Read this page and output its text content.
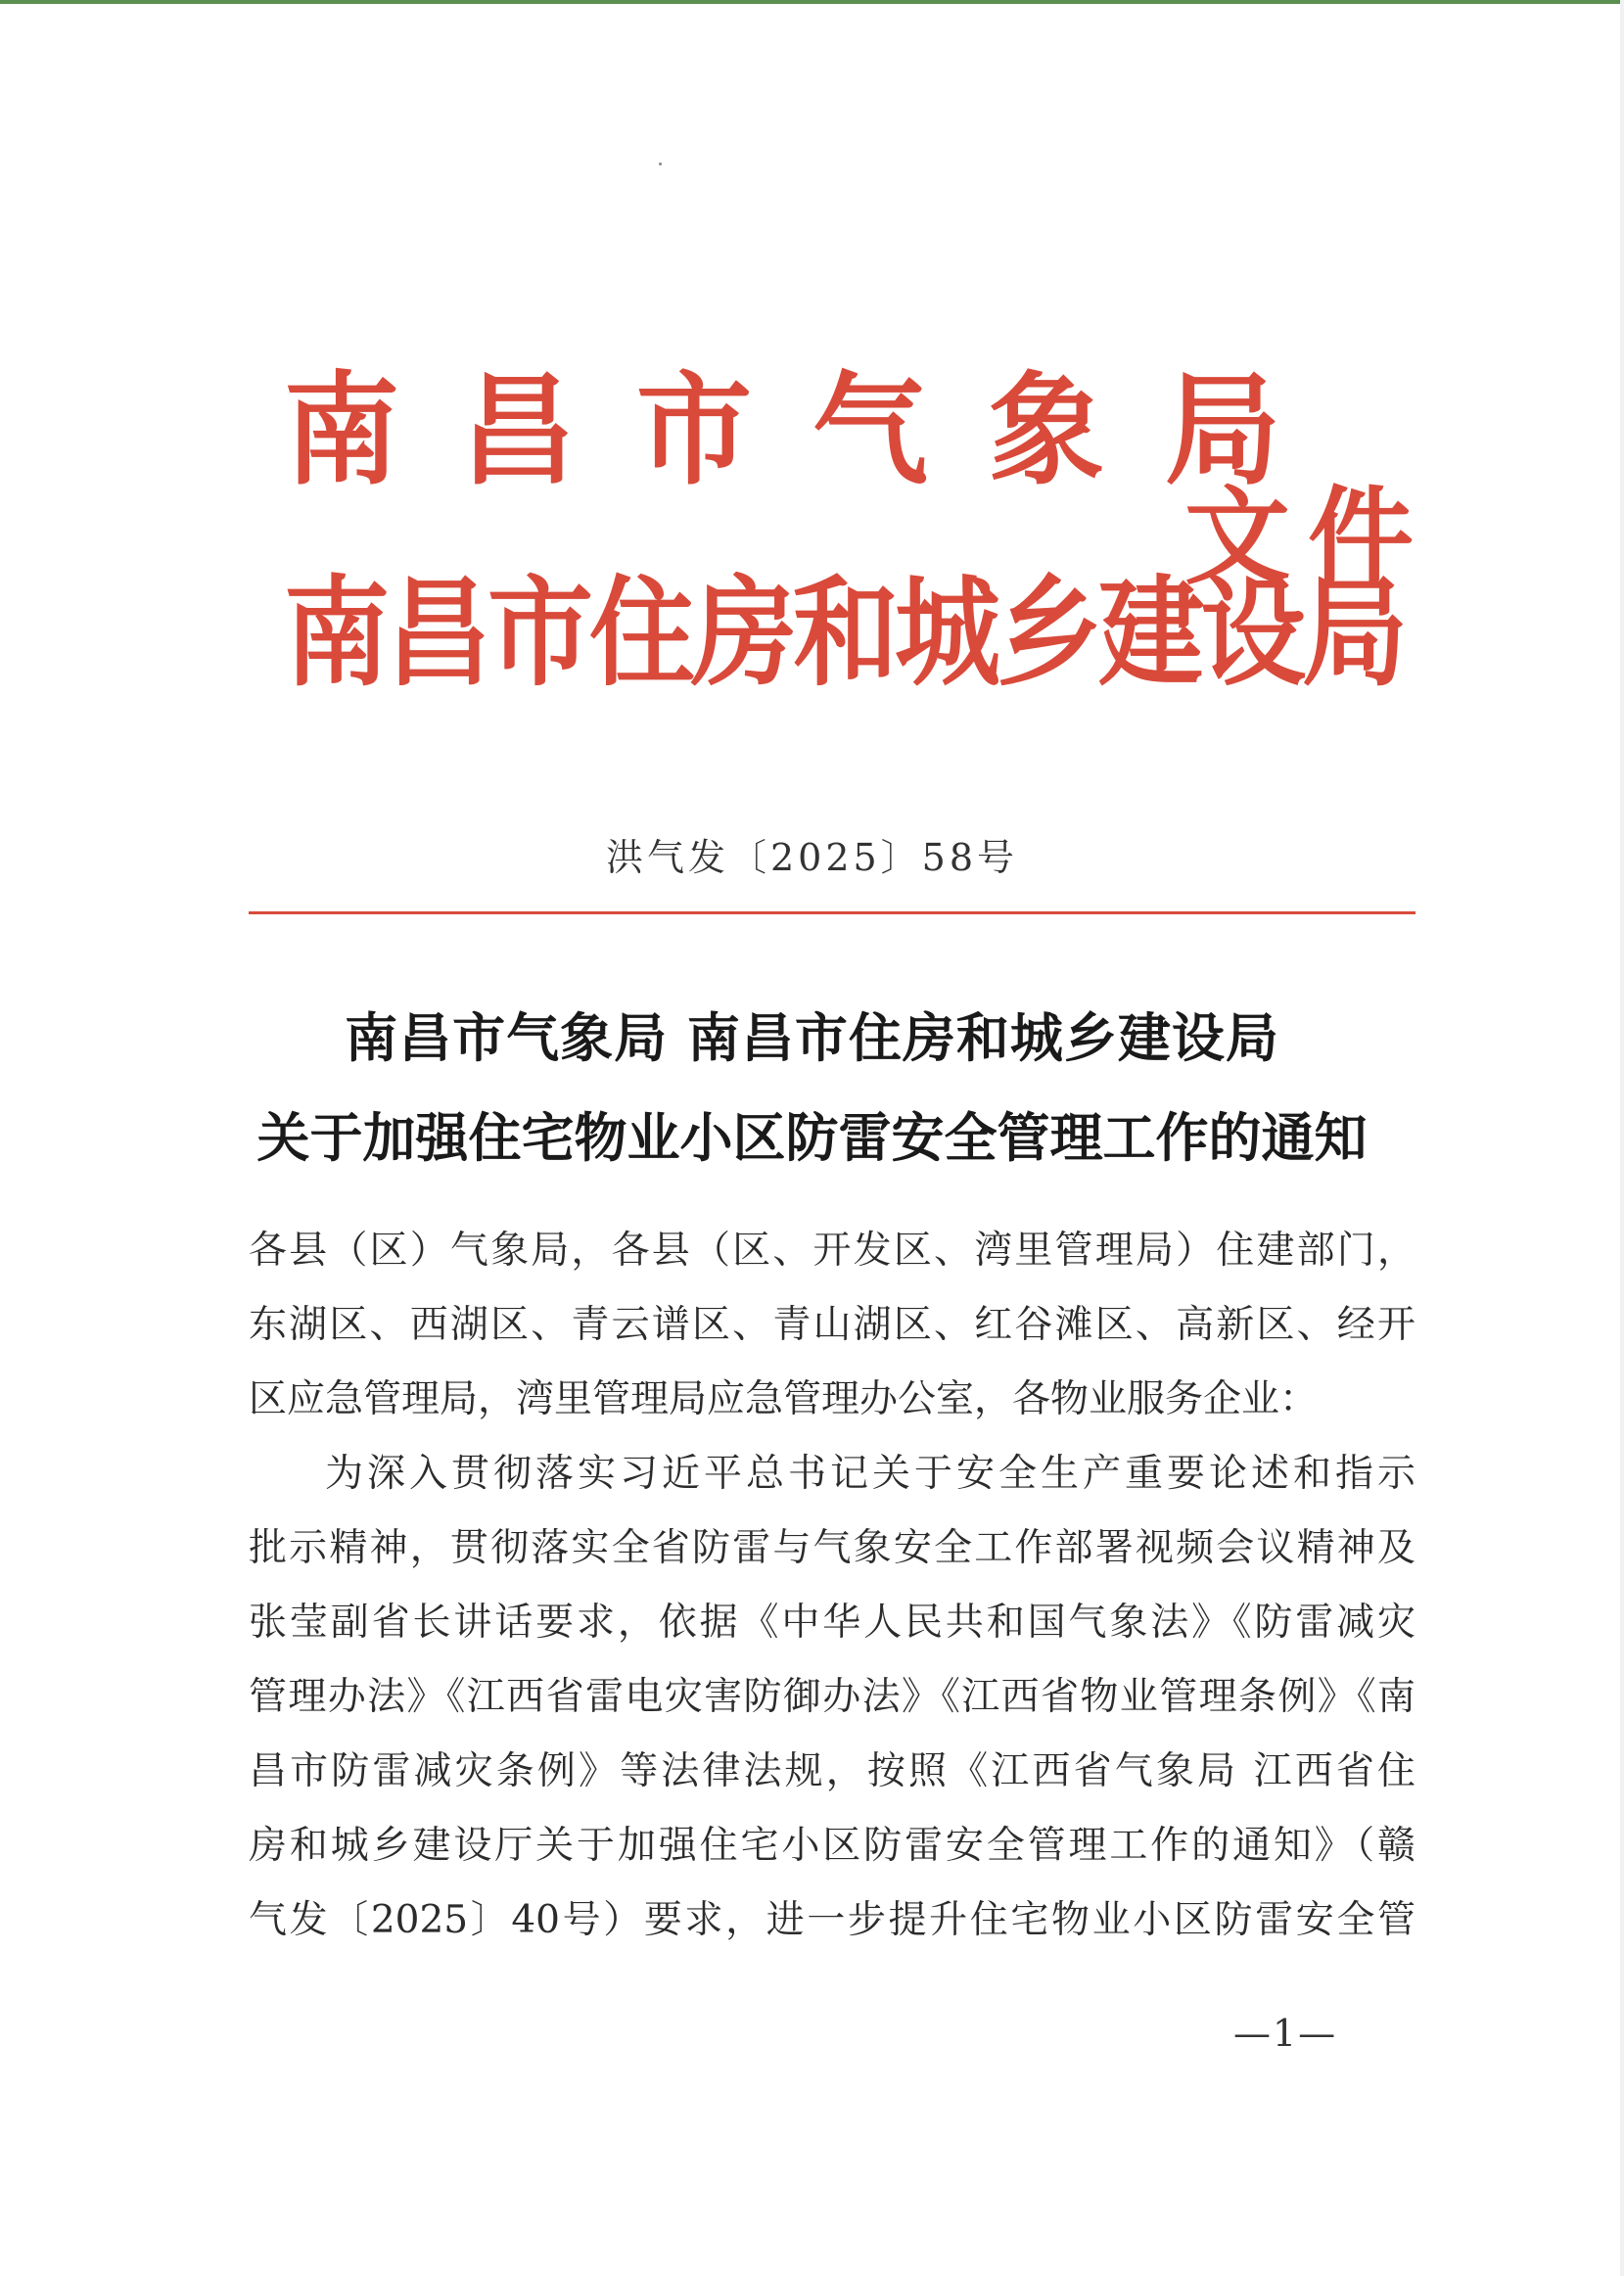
南昌市气象局
南昌市住房和城乡建设局
文件
洪气发〔2025〕58号
南昌市气象局 南昌市住房和城乡建设局
关于加强住宅物业小区防雷安全管理工作的通知
各县（区）气象局，各县（区、开发区、湾里管理局）住建部门，
东湖区、西湖区、青云谱区、青山湖区、红谷滩区、高新区、经开
区应急管理局，湾里管理局应急管理办公室，各物业服务企业：
为深入贯彻落实习近平总书记关于安全生产重要论述和指示
批示精神，贯彻落实全省防雷与气象安全工作部署视频会议精神及
张莹副省长讲话要求，依据《中华人民共和国气象法》《防雷减灾
管理办法》《江西省雷电灾害防御办法》《江西省物业管理条例》《南
昌市防雷减灾条例》等法律法规，按照《江西省气象局 江西省住
房和城乡建设厅关于加强住宅小区防雷安全管理工作的通知》（赣
气发〔2025〕40号）要求，进一步提升住宅物业小区防雷安全管
—1—
